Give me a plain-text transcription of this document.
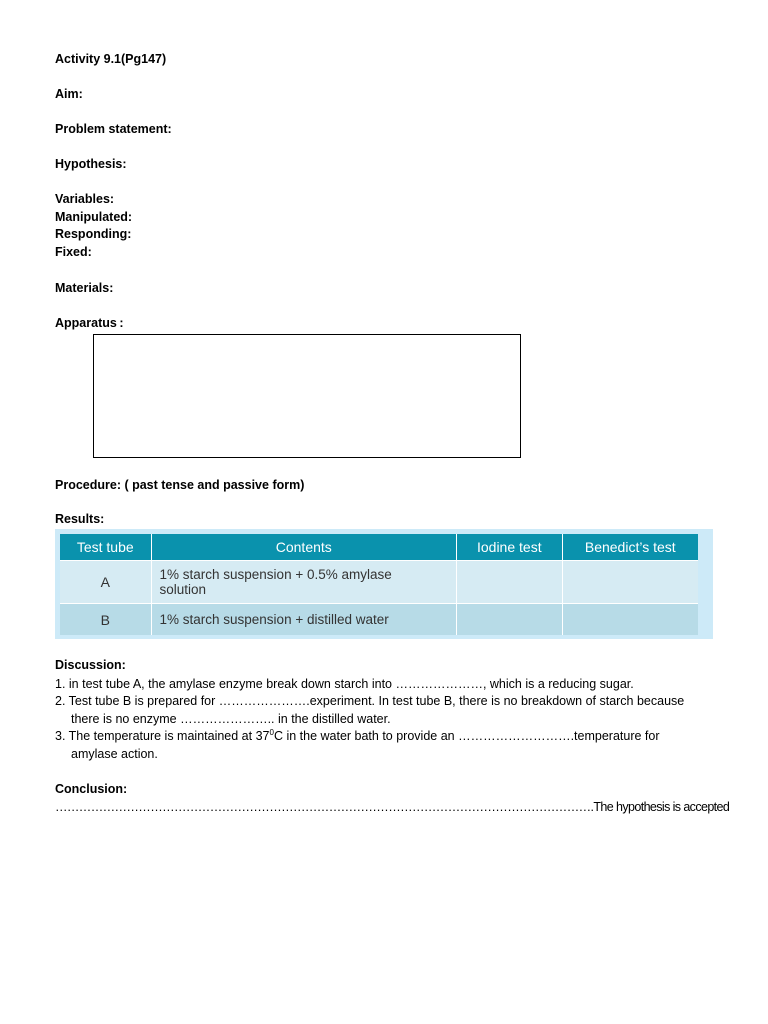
Activity 9.1(Pg147)
Aim:
Problem statement:
Hypothesis:
Variables:
Manipulated:
Responding:
Fixed:
Materials:
Apparatus :
Procedure: ( past tense and passive form)
Results:
Test tube	Contents	Iodine test	Benedict’s test
A	1% starch suspension + 0.5% amylase solution		
B	1% starch suspension + distilled water		
Discussion:
1. in test tube A, the amylase enzyme break down starch into …………………, which is a reducing sugar.
2. Test tube B is prepared for ………………….experiment. In test tube B, there is no breakdown of starch because
there is no enzyme ………………….. in the distilled water.
3. The temperature is maintained at $37^0C$ in the water bath to provide an ……………………….temperature for
amylase action.
Conclusion:
……………………………………………………………………………………………………………………….The hypothesis is accepted
